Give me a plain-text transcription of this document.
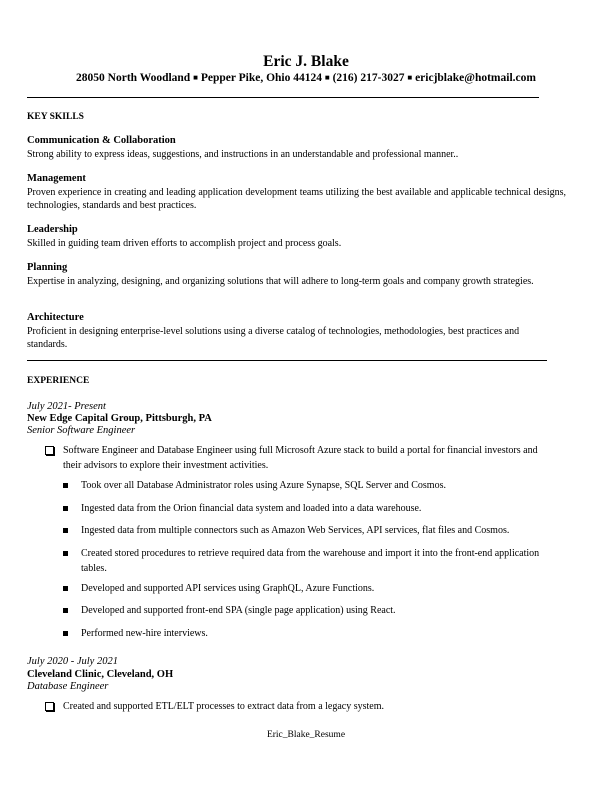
Eric J. Blake
28050 North Woodland ■ Pepper Pike, Ohio 44124 ■ (216) 217-3027 ■ ericjblake@hotmail.com
KEY SKILLS
Communication & Collaboration
Strong ability to express ideas, suggestions, and instructions in an understandable and professional manner..
Management
Proven experience in creating and leading application development teams utilizing the best available and applicable technical designs, technologies, standards and best practices.
Leadership
Skilled in guiding team driven efforts to accomplish project and process goals.
Planning
Expertise in analyzing, designing, and organizing solutions that will adhere to long-term goals and company growth strategies.
Architecture
Proficient in designing enterprise-level solutions using a diverse catalog of technologies, methodologies, best practices and standards.
EXPERIENCE
July 2021- Present
New Edge Capital Group, Pittsburgh, PA
Senior Software Engineer
Software Engineer and Database Engineer using full Microsoft Azure stack to build a portal for financial investors and their advisors to explore their investment activities.
Took over all Database Administrator roles using Azure Synapse, SQL Server and Cosmos.
Ingested data from the Orion financial data system and loaded into a data warehouse.
Ingested data from multiple connectors such as Amazon Web Services, API services, flat files and Cosmos.
Created stored procedures to retrieve required data from the warehouse and import it into the front-end application tables.
Developed and supported API services using GraphQL, Azure Functions.
Developed and supported front-end SPA (single page application) using React.
Performed new-hire interviews.
July 2020 - July 2021
Cleveland Clinic, Cleveland, OH
Database Engineer
Created and supported ETL/ELT processes to extract data from a legacy system.
Eric_Blake_Resume
